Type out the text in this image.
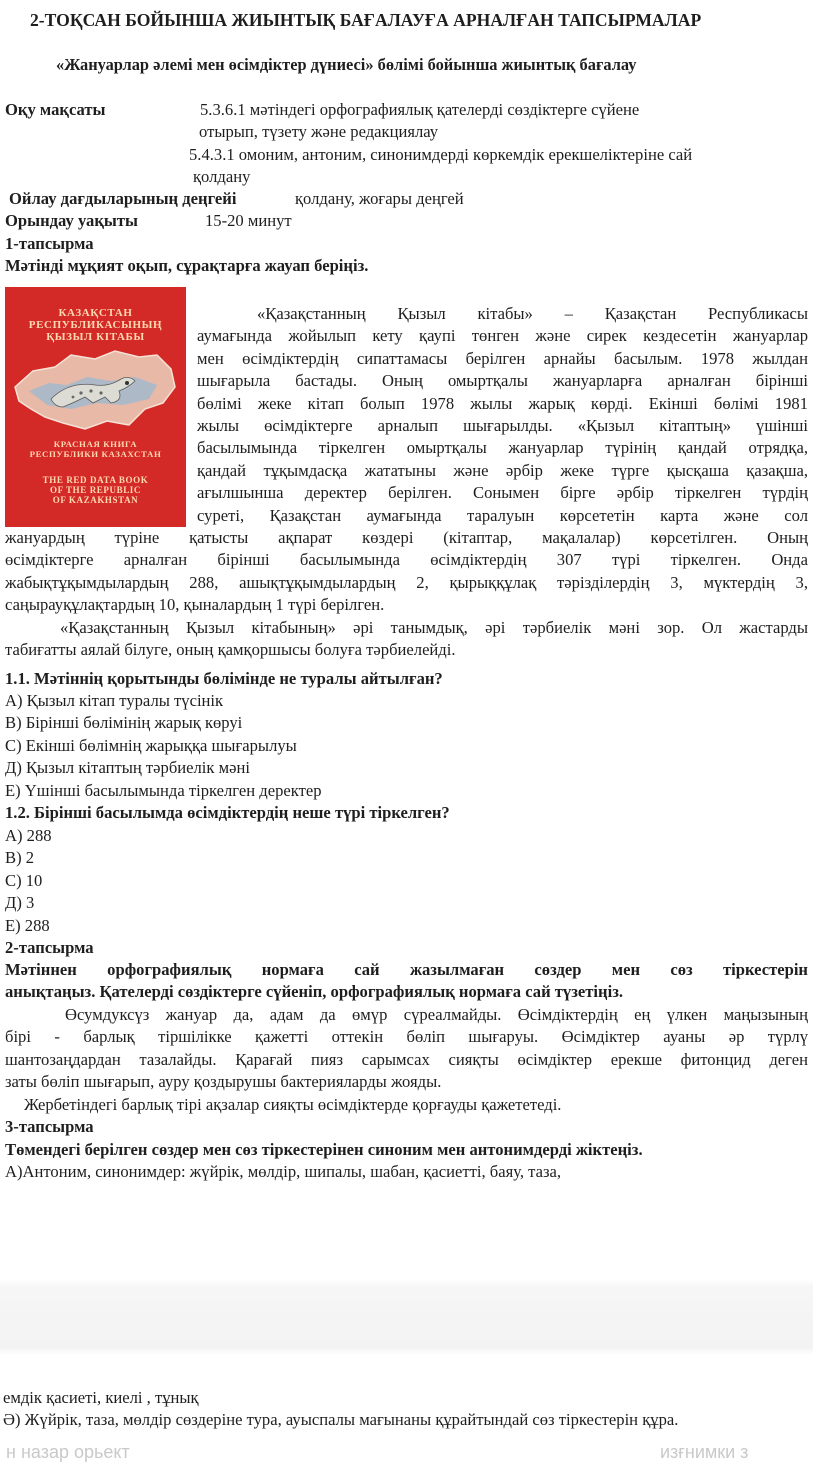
2-ТОҚСАН БОЙЫНША ЖИЫНТЫҚ БАҒАЛАУҒА АРНАЛҒАН ТАПСЫРМАЛАР
«Жануарлар әлемі мен өсімдіктер дүниесі» бөлімі бойынша жиынтық бағалау
Оқу мақсаты	5.3.6.1 мәтіндегі орфографиялық қателерді сөздіктерге сүйене
отырып, түзету және редакциялау
5.4.3.1 омоним, антоним, синонимдерді көркемдік ерекшеліктеріне сай
қолдану
Ойлау дағдыларының деңгейі	қолдану, жоғары деңгей
Орындау уақыты	15-20 минут
1-тапсырма
Мәтінді мұқият оқып, сұрақтарға жауап беріңіз.
КАЗАҚСТАН
РЕСПУБЛИКАСЫНЫҢ
ҚЫЗЫЛ КІТАБЫ
КРАСНАЯ КНИГА
РЕСПУБЛИКИ КАЗАХСТАН
THE RED DATA BOOK
OF THE REPUBLIC
OF KAZAKHSTAN
«Қазақстанның Қызыл кітабы» – Қазақстан Республикасы
аумағында жойылып кету қаупі төнген және сирек кездесетін жануарлар
мен өсімдіктердің сипаттамасы берілген арнайы басылым. 1978 жылдан
шығарыла бастады. Оның омыртқалы жануарларға арналған бірінші
бөлімі жеке кітап болып 1978 жылы жарық көрді. Екінші бөлімі 1981
жылы өсімдіктерге арналып шығарылды. «Қызыл кітаптың» үшінші
басылымында тіркелген омыртқалы жануарлар түрінің қандай отрядқа,
қандай тұқымдасқа жататыны және әрбір жеке түрге қысқаша қазақша,
ағылшынша деректер берілген. Сонымен бірге әрбір тіркелген түрдің
суреті, Қазақстан аумағында таралуын көрсететін карта және сол
жануардың түріне қатысты ақпарат көздері (кітаптар, мақалалар) көрсетілген. Оның
өсімдіктерге арналған бірінші басылымында өсімдіктердің 307 түрі тіркелген. Онда
жабықтұқымдылардың 288, ашықтұқымдылардың 2, қырыққұлақ тәрізділердің 3, мүктердің 3,
саңырауқұлақтардың 10, қыналардың 1 түрі берілген.
«Қазақстанның Қызыл кітабының» әрі танымдық, әрі тәрбиелік мәні зор. Ол жастарды
табиғатты аялай білуге, оның қамқоршысы болуға тәрбиелейді.
1.1. Мәтіннің қорытынды бөлімінде не туралы айтылған?
А) Қызыл кітап туралы түсінік
В) Бірінші бөлімінің жарық көруі
С) Екінші бөлімнің жарыққа шығарылуы
Д) Қызыл кітаптың тәрбиелік мәні
Е) Үшінші басылымында тіркелген деректер
1.2. Бірінші басылымда өсімдіктердің неше түрі тіркелген?
А) 288
В) 2
С) 10
Д) 3
Е) 288
2-тапсырма
Мәтіннен орфографиялық нормаға сай жазылмаған сөздер мен сөз тіркестерін
анықтаңыз. Қателерді сөздіктерге сүйеніп, орфографиялық нормаға сай түзетіңіз.
Өсумдуксүз жануар да, адам да өмүр сүреалмайды. Өсімдіктердің ең үлкен маңызының
бірі - барлық тіршілікке қажетті оттекін бөліп шығаруы. Өсімдіктер ауаны әр түрлү
шантозаңдардан тазалайды. Қарағай пияз сарымсах сияқты өсімдіктер ерекше фитонцид деген
заты бөліп шығарып, ауру қоздырушы бактерияларды жояды.
Жербетіндегі барлық тірі ақзалар сияқты өсімдіктерде қорғауды қажететеді.
3-тапсырма
Төмендегі берілген сөздер мен сөз тіркестерінен синоним мен антонимдерді жіктеңіз.
А)Антоним, синонимдер: жүйрік, мөлдір, шипалы, шабан, қасиетті, баяу, таза,
емдік қасиеті, киелі , тұнық
Ә) Жүйрік, таза, мөлдір сөздеріне тура, ауыспалы мағынаны құрайтындай сөз тіркестерін құра.
н назар орьект	изғнимки з
